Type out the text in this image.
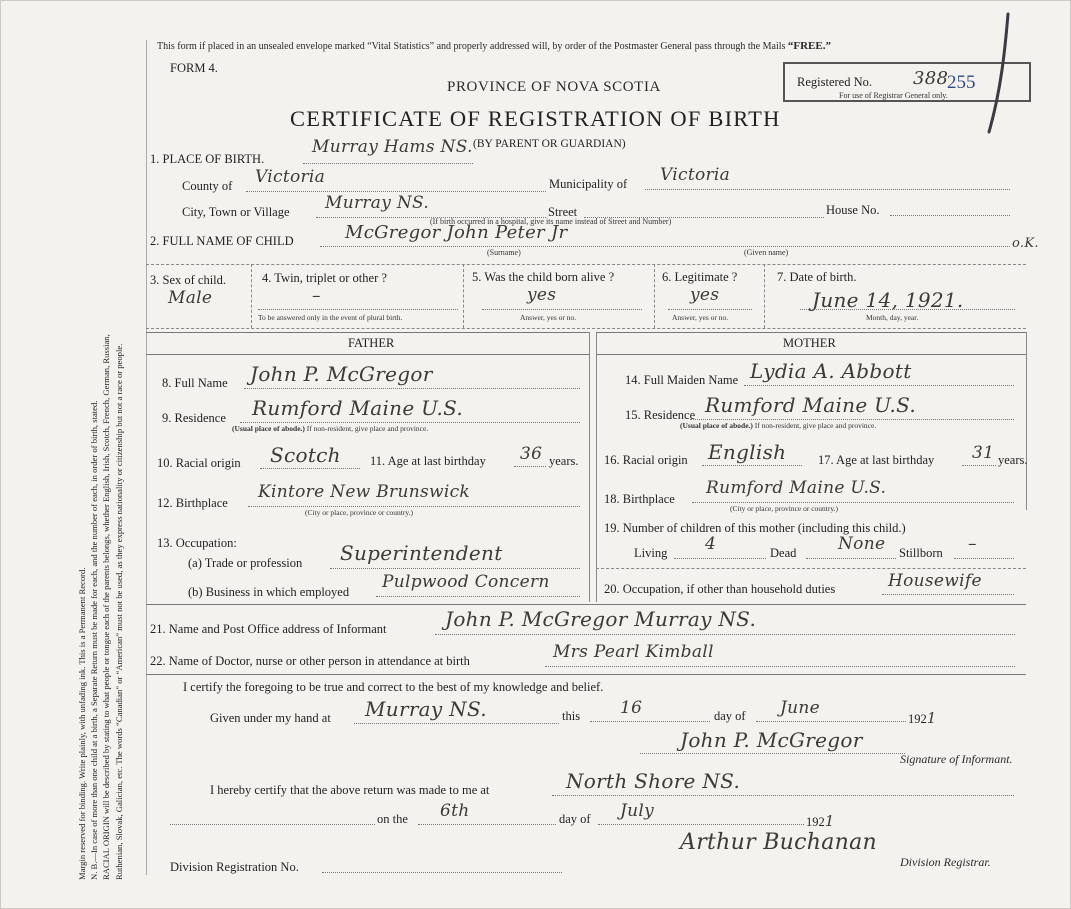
Margin reserved for binding. Write plainly, with unfading ink. This is a Permanent Record. N. B.—In case of more than one child at a birth, a Separate Return must be made for each, and the number of each, in order of birth, stated. RACIAL ORIGIN will be described by stating to what people or tongue each of the parents belongs, whether English, Irish, Scotch, French, German, Russian, Ruthenian, Slovak, Galician, etc. The words “Canadian” or “American” must not be used, as they express nationality or citizenship but not a race or people.
This form if placed in an unsealed envelope marked “Vital Statistics” and properly addressed will, by order of the Postmaster General pass through the Mails “FREE.”
FORM 4.
PROVINCE OF NOVA SCOTIA
CERTIFICATE OF REGISTRATION OF BIRTH
Registered No. 388
255
For use of Registrar General only.
1. PLACE OF BIRTH.
Murray Hams NS. (BY PARENT OR GUARDIAN)
County of Victoria	Municipality of Victoria
City, Town or Village Murray NS.	Street	House No.
(If birth occurred in a hospital, give its name instead of Street and Number)
2. FULL NAME OF CHILD	McGregor John Peter Jr
(Surname)	(Given name)
o.K.
3. Sex of child.
Male
4. Twin, triplet or other ?
–
To be answered only in the event of plural birth.
5. Was the child born alive ?
yes
Answer, yes or no.
6. Legitimate ?
yes
Answer, yes or no.
7. Date of birth.
June 14, 1921.
Month, day, year.
FATHER	MOTHER
8. Full Name John P. McGregor
9. Residence Rumford Maine U.S.
(Usual place of abode.) If non-resident, give place and province.
10. Racial origin Scotch 11. Age at last birthday 36 years.
12. Birthplace
Kintore New Brunswick
(City or place, province or country.)
13. Occupation:
(a) Trade or profession Superintendent
(b) Business in which employed Pulpwood Concern
14. Full Maiden Name Lydia A. Abbott
15. Residence Rumford Maine U.S.
(Usual place of abode.) If non-resident, give place and province.
16. Racial origin English	17. Age at last birthday 31 years.
18. Birthplace
Rumford Maine U.S.
(City or place, province or country.)
19. Number of children of this mother (including this child.)
Living 4	Dead None Stillborn –
20. Occupation, if other than household duties	Housewife
21. Name and Post Office address of Informant	John P. McGregor Murray NS.
22. Name of Doctor, nurse or other person in attendance at birth	Mrs Pearl Kimball
I certify the foregoing to be true and correct to the best of my knowledge and belief.
Given under my hand at Murray NS.	this 16	day of June
1921
John P. McGregor
Signature of Informant.
I hereby certify that the above return was made to me at	North Shore NS.
on the 6th	day of July
1921
Arthur Buchanan
Division Registrar.
Division Registration No.
